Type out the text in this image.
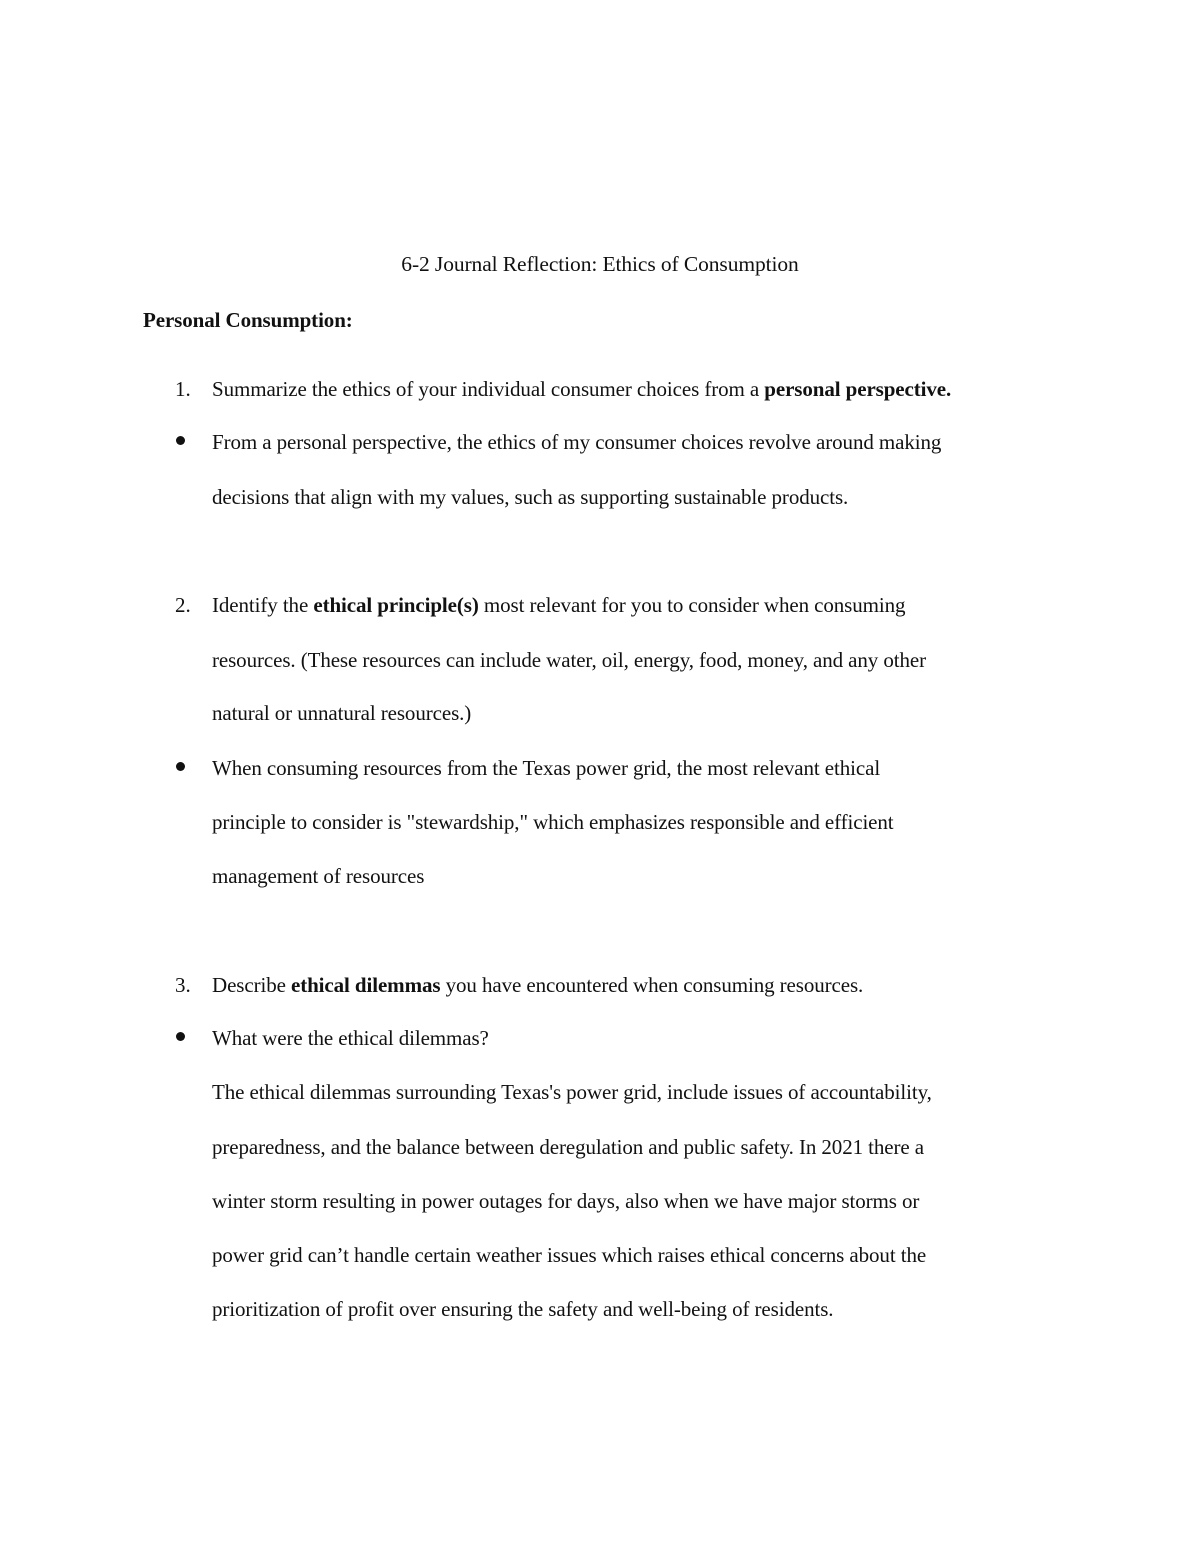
6-2 Journal Reflection: Ethics of Consumption
Personal Consumption:
1. Summarize the ethics of your individual consumer choices from a personal perspective.
From a personal perspective, the ethics of my consumer choices revolve around making
decisions that align with my values, such as supporting sustainable products.
2. Identify the ethical principle(s) most relevant for you to consider when consuming
resources. (These resources can include water, oil, energy, food, money, and any other
natural or unnatural resources.)
When consuming resources from the Texas power grid, the most relevant ethical
principle to consider is "stewardship," which emphasizes responsible and efficient
management of resources
3. Describe ethical dilemmas you have encountered when consuming resources.
What were the ethical dilemmas?
The ethical dilemmas surrounding Texas's power grid, include issues of accountability,
preparedness, and the balance between deregulation and public safety. In 2021 there a
winter storm resulting in power outages for days, also when we have major storms or
power grid can’t handle certain weather issues which raises ethical concerns about the
prioritization of profit over ensuring the safety and well-being of residents.
